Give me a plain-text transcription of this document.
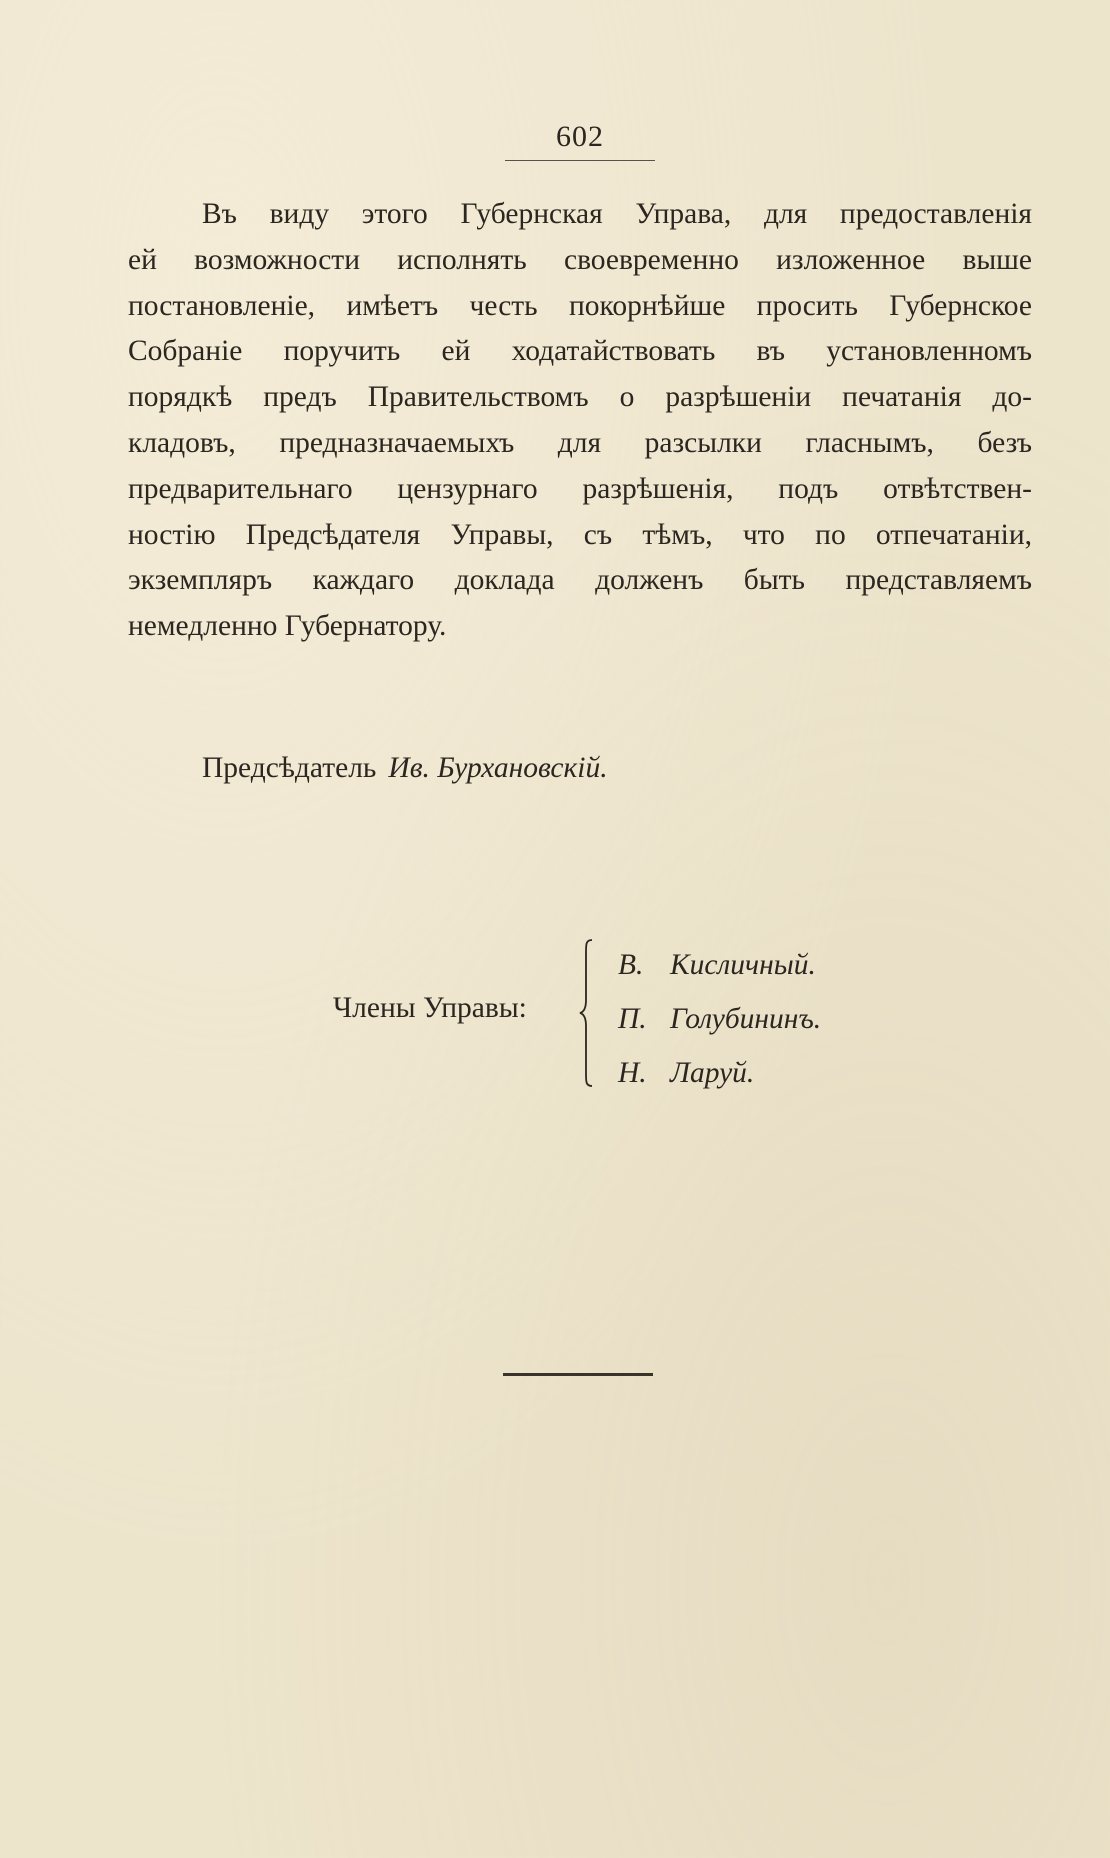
602
Въ виду этого Губернская Управа, для предоставленія
ей возможности исполнять своевременно изложенное выше
постановленіе, имѣетъ честь покорнѣйше просить Губернское
Собраніе поручить ей ходатайствовать въ установленномъ
порядкѣ предъ Правительствомъ о разрѣшеніи печатанія до-
кладовъ, предназначаемыхъ для разсылки гласнымъ, безъ
предварительнаго цензурнаго разрѣшенія, подъ отвѣтствен-
ностію Предсѣдателя Управы, съ тѣмъ, что по отпечатаніи,
экземпляръ каждаго доклада долженъ быть представляемъ
немедленно Губернатору.
Предсѣдатель Ив. Бурхановскій.
Члены Управы:
В. Кисличный.
П. Голубининъ.
Н. Ларуй.
